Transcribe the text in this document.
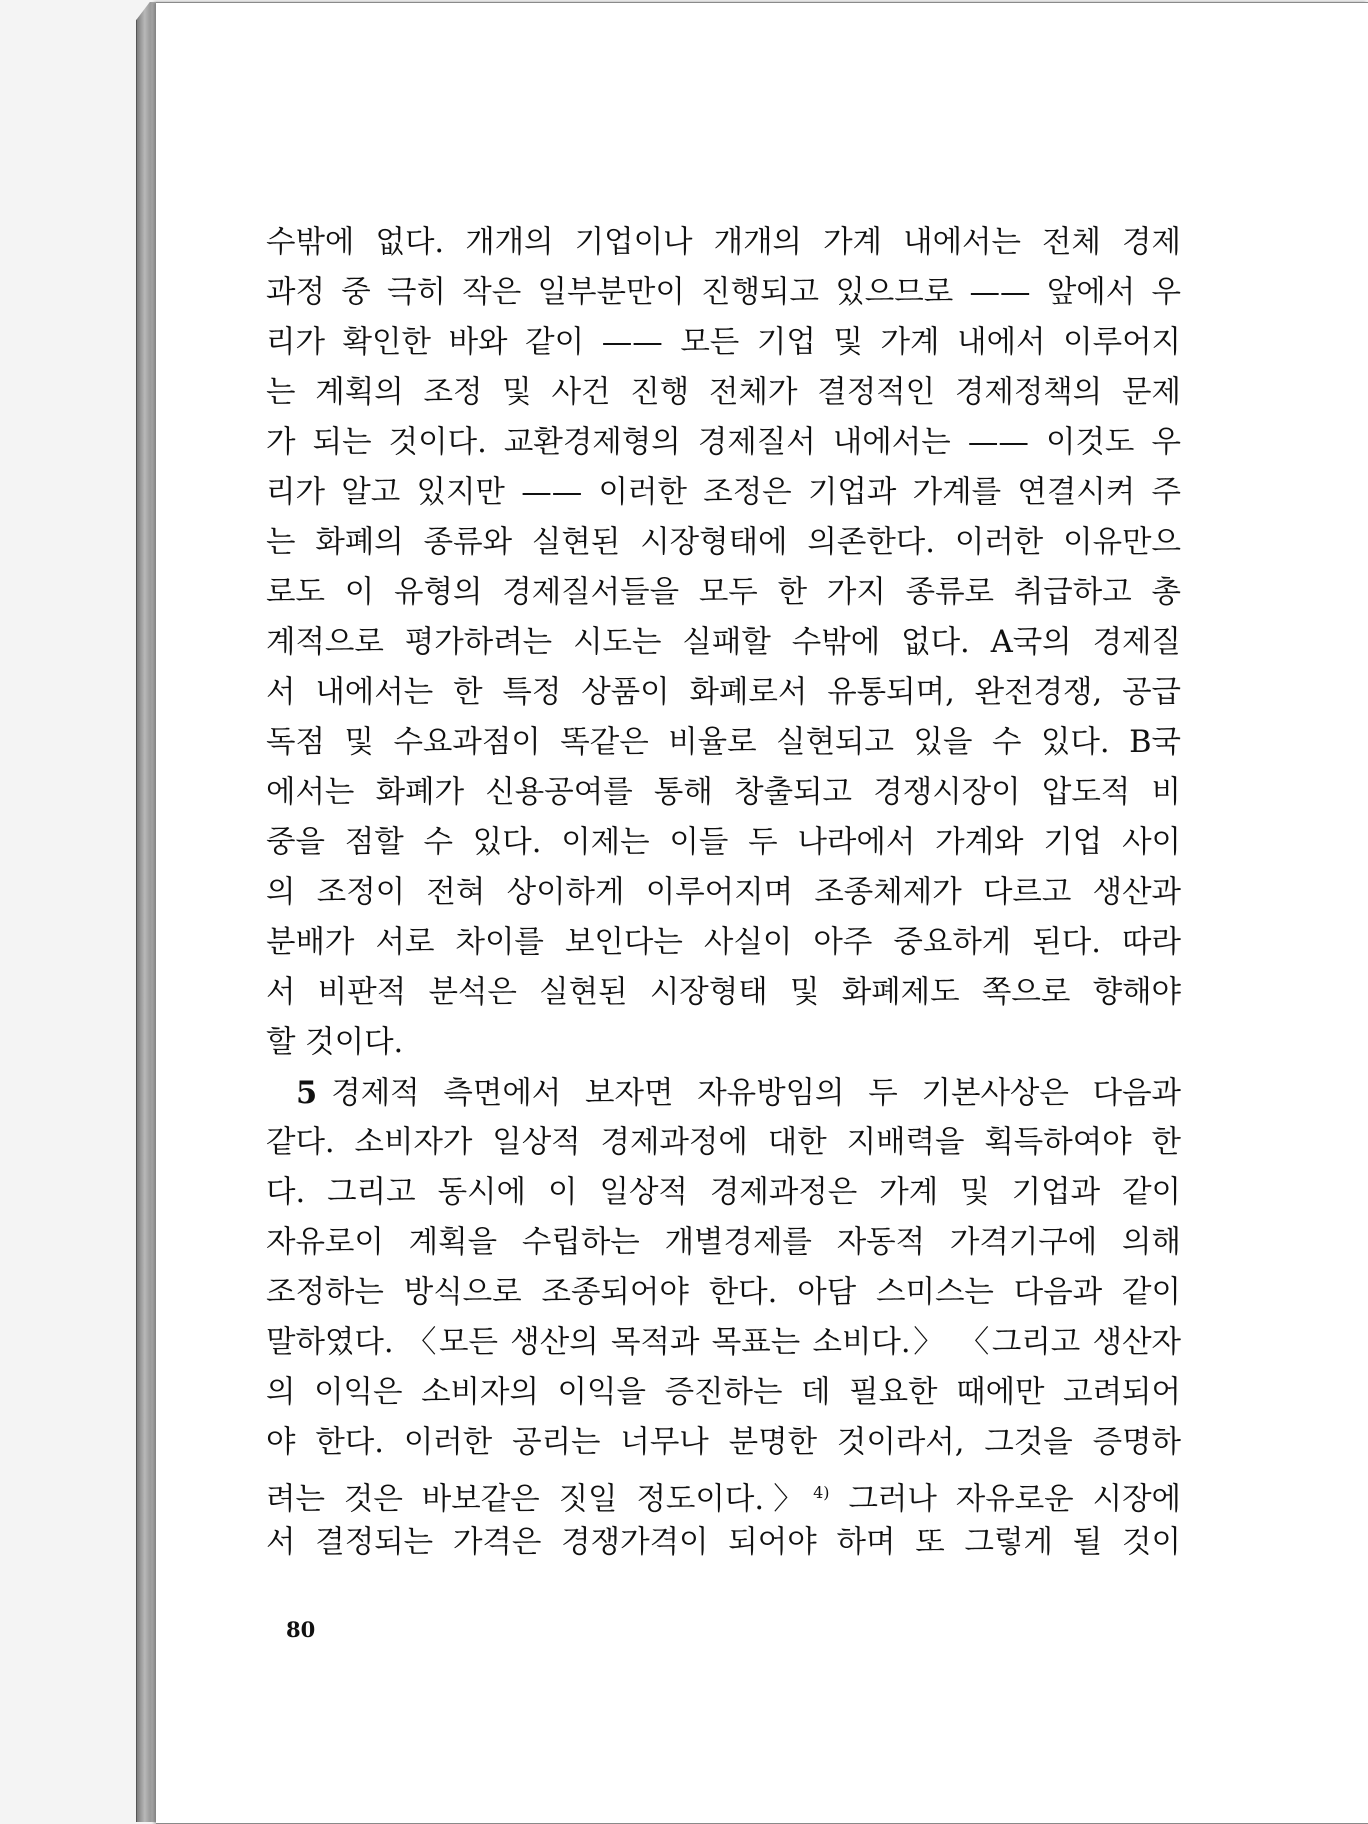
수밖에 없다. 개개의 기업이나 개개의 가계 내에서는 전체 경제
과정 중 극히 작은 일부분만이 진행되고 있으므로 —— 앞에서 우
리가 확인한 바와 같이 —— 모든 기업 및 가계 내에서 이루어지
는 계획의 조정 및 사건 진행 전체가 결정적인 경제정책의 문제
가 되는 것이다. 교환경제형의 경제질서 내에서는 —— 이것도 우
리가 알고 있지만 —— 이러한 조정은 기업과 가계를 연결시켜 주
는 화폐의 종류와 실현된 시장형태에 의존한다. 이러한 이유만으
로도 이 유형의 경제질서들을 모두 한 가지 종류로 취급하고 총
계적으로 평가하려는 시도는 실패할 수밖에 없다. A국의 경제질
서 내에서는 한 특정 상품이 화폐로서 유통되며, 완전경쟁, 공급
독점 및 수요과점이 똑같은 비율로 실현되고 있을 수 있다. B국
에서는 화폐가 신용공여를 통해 창출되고 경쟁시장이 압도적 비
중을 점할 수 있다. 이제는 이들 두 나라에서 가계와 기업 사이
의 조정이 전혀 상이하게 이루어지며 조종체제가 다르고 생산과
분배가 서로 차이를 보인다는 사실이 아주 중요하게 된다. 따라
서 비판적 분석은 실현된 시장형태 및 화폐제도 쪽으로 향해야
할 것이다.
5 경제적 측면에서 보자면 자유방임의 두 기본사상은 다음과
같다. 소비자가 일상적 경제과정에 대한 지배력을 획득하여야 한
다. 그리고 동시에 이 일상적 경제과정은 가계 및 기업과 같이
자유로이 계획을 수립하는 개별경제를 자동적 가격기구에 의해
조정하는 방식으로 조종되어야 한다. 아담 스미스는 다음과 같이
말하였다. 〈모든 생산의 목적과 목표는 소비다.〉 〈그리고 생산자
의 이익은 소비자의 이익을 증진하는 데 필요한 때에만 고려되어
야 한다. 이러한 공리는 너무나 분명한 것이라서, 그것을 증명하
려는 것은 바보같은 짓일 정도이다.〉$^{4)}$ 그러나 자유로운 시장에
서 결정되는 가격은 경쟁가격이 되어야 하며 또 그렇게 될 것이
80
